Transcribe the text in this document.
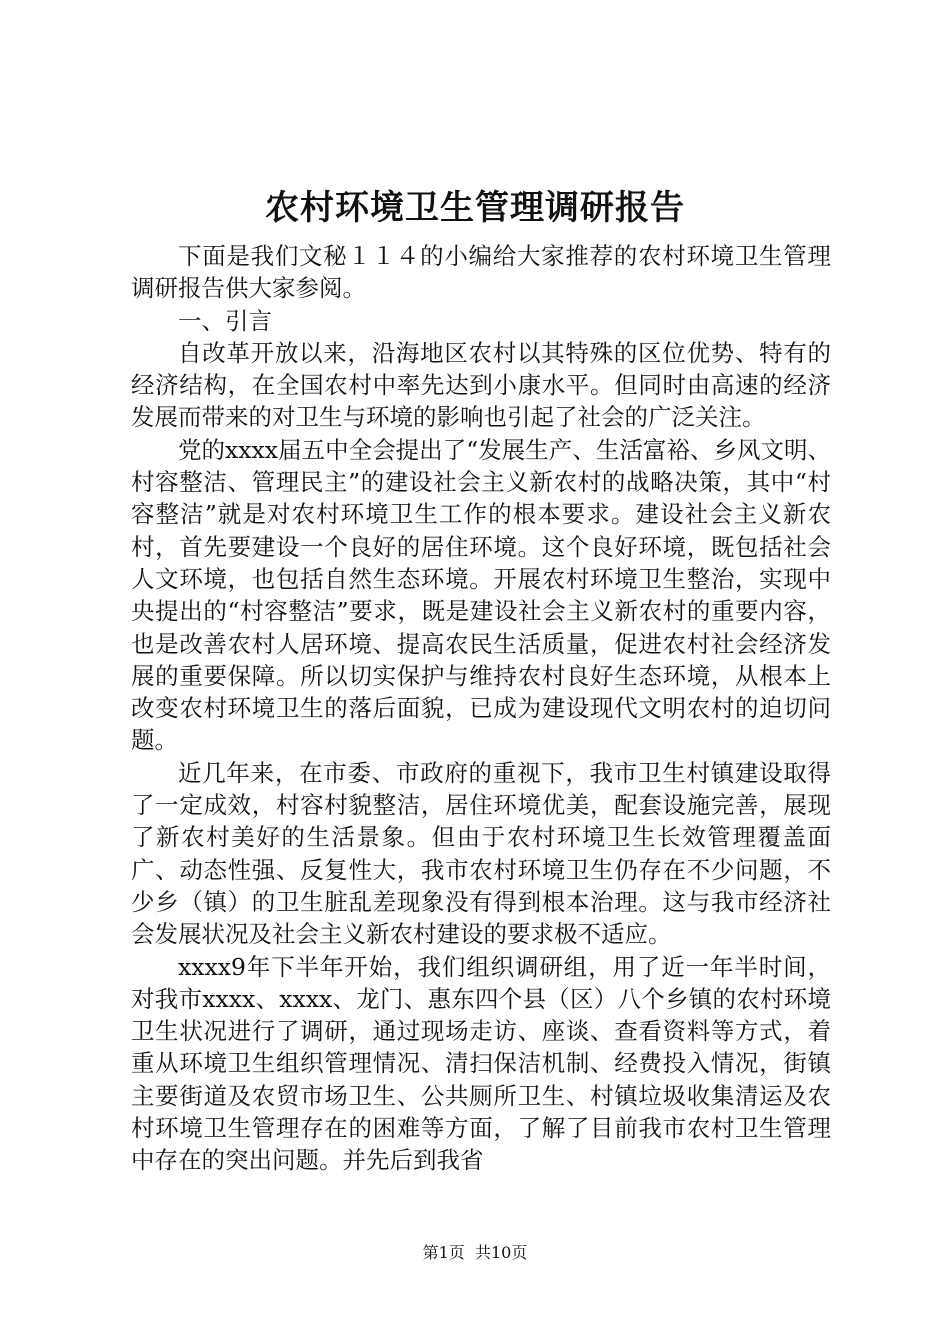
农村环境卫生管理调研报告

下面是我们文秘１１４的小编给大家推荐的农村环境卫生管理调研报告供大家参阅。

一、引言

自改革开放以来，沿海地区农村以其特殊的区位优势、特有的经济结构，在全国农村中率先达到小康水平。但同时由高速的经济发展而带来的对卫生与环境的影响也引起了社会的广泛关注。

党的xxxx届五中全会提出了“发展生产、生活富裕、乡风文明、村容整洁、管理民主”的建设社会主义新农村的战略决策，其中“村容整洁”就是对农村环境卫生工作的根本要求。建设社会主义新农村，首先要建设一个良好的居住环境。这个良好环境，既包括社会人文环境，也包括自然生态环境。开展农村环境卫生整治，实现中央提出的“村容整洁”要求，既是建设社会主义新农村的重要内容，也是改善农村人居环境、提高农民生活质量，促进农村社会经济发展的重要保障。所以切实保护与维持农村良好生态环境，从根本上改变农村环境卫生的落后面貌，已成为建设现代文明农村的迫切问题。

近几年来，在市委、市政府的重视下，我市卫生村镇建设取得了一定成效，村容村貌整洁，居住环境优美，配套设施完善，展现了新农村美好的生活景象。但由于农村环境卫生长效管理覆盖面广、动态性强、反复性大，我市农村环境卫生仍存在不少问题，不少乡（镇）的卫生脏乱差现象没有得到根本治理。这与我市经济社会发展状况及社会主义新农村建设的要求极不适应。

xxxx9年下半年开始，我们组织调研组，用了近一年半时间，对我市xxxx、xxxx、龙门、惠东四个县（区）八个乡镇的农村环境卫生状况进行了调研，通过现场走访、座谈、查看资料等方式，着重从环境卫生组织管理情况、清扫保洁机制、经费投入情况，街镇主要街道及农贸市场卫生、公共厕所卫生、村镇垃圾收集清运及农村环境卫生管理存在的困难等方面，了解了目前我市农村卫生管理中存在的突出问题。并先后到我省

第1页 共10页
